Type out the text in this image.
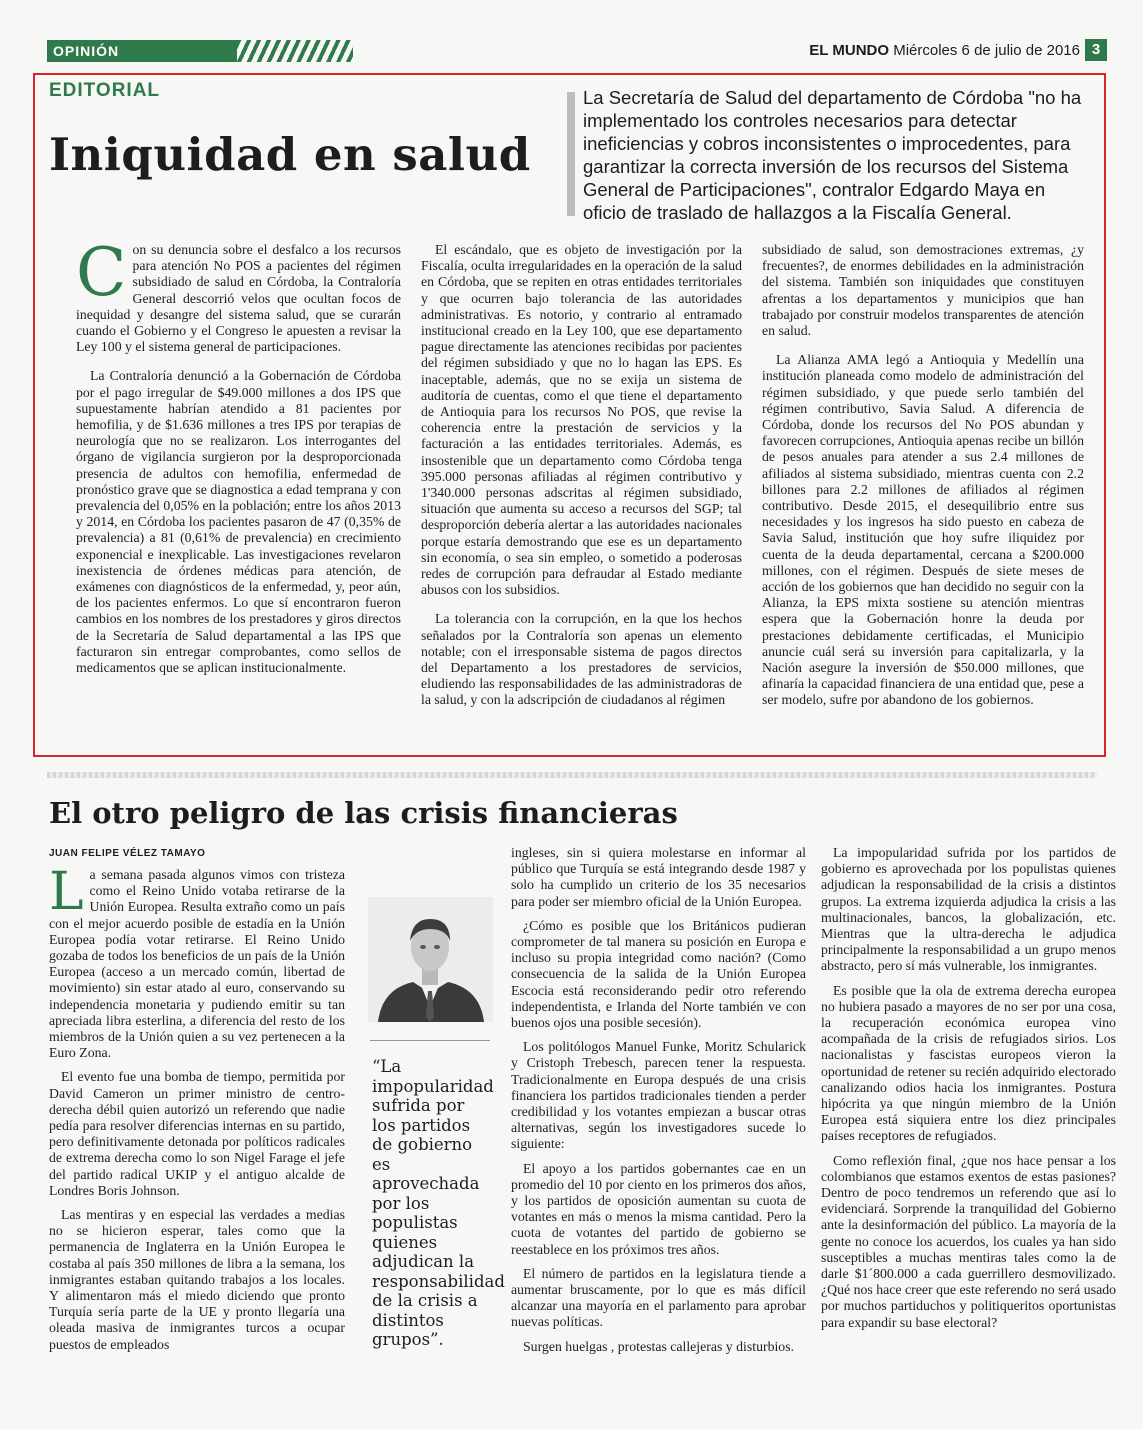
OPINIÓN	EL MUNDO Miércoles 6 de julio de 2016 3
EDITORIAL
Iniquidad en salud
La Secretaría de Salud del departamento de Córdoba "no ha implementado los controles necesarios para detectar ineficiencias y cobros inconsistentes o improcedentes, para garantizar la correcta inversión de los recursos del Sistema General de Participaciones", contralor Edgardo Maya en oficio de traslado de hallazgos a la Fiscalía General.

Con su denuncia sobre el desfalco a los recursos para atención No POS a pacientes del régimen subsidiado de salud en Córdoba, la Contraloría General descorrió velos que ocultan focos de inequidad y desangre del sistema salud, que se curarán cuando el Gobierno y el Congreso le apuesten a revisar la Ley 100 y el sistema general de participaciones.

La Contraloría denunció a la Gobernación de Córdoba por el pago irregular de $49.000 millones a dos IPS que supuestamente habrían atendido a 81 pacientes por hemofilia, y de $1.636 millones a tres IPS por terapias de neurología que no se realizaron. Los interrogantes del órgano de vigilancia surgieron por la desproporcionada presencia de adultos con hemofilia, enfermedad de pronóstico grave que se diagnostica a edad temprana y con prevalencia del 0,05% en la población; entre los años 2013 y 2014, en Córdoba los pacientes pasaron de 47 (0,35% de prevalencia) a 81 (0,61% de prevalencia) en crecimiento exponencial e inexplicable. Las investigaciones revelaron inexistencia de órdenes médicas para atención, de exámenes con diagnósticos de la enfermedad, y, peor aún, de los pacientes enfermos. Lo que sí encontraron fueron cambios en los nombres de los prestadores y giros directos de la Secretaría de Salud departamental a las IPS que facturaron sin entregar comprobantes, como sellos de medicamentos que se aplican institucionalmente.

El escándalo, que es objeto de investigación por la Fiscalía, oculta irregularidades en la operación de la salud en Córdoba, que se repiten en otras entidades territoriales y que ocurren bajo tolerancia de las autoridades administrativas. Es notorio, y contrario al entramado institucional creado en la Ley 100, que ese departamento pague directamente las atenciones recibidas por pacientes del régimen subsidiado y que no lo hagan las EPS. Es inaceptable, además, que no se exija un sistema de auditoría de cuentas, como el que tiene el departamento de Antioquia para los recursos No POS, que revise la coherencia entre la prestación de servicios y la facturación a las entidades territoriales. Además, es insostenible que un departamento como Córdoba tenga 395.000 personas afiliadas al régimen contributivo y 1'340.000 personas adscritas al régimen subsidiado, situación que aumenta su acceso a recursos del SGP; tal desproporción debería alertar a las autoridades nacionales porque estaría demostrando que ese es un departamento sin economía, o sea sin empleo, o sometido a poderosas redes de corrupción para defraudar al Estado mediante abusos con los subsidios.

La tolerancia con la corrupción, en la que los hechos señalados por la Contraloría son apenas un elemento notable; con el irresponsable sistema de pagos directos del Departamento a los prestadores de servicios, eludiendo las responsabilidades de las administradoras de la salud, y con la adscripción de ciudadanos al régimen

subsidiado de salud, son demostraciones extremas, ¿y frecuentes?, de enormes debilidades en la administración del sistema. También son iniquidades que constituyen afrentas a los departamentos y municipios que han trabajado por construir modelos transparentes de atención en salud.

La Alianza AMA legó a Antioquia y Medellín una institución planeada como modelo de administración del régimen subsidiado, y que puede serlo también del régimen contributivo, Savia Salud. A diferencia de Córdoba, donde los recursos del No POS abundan y favorecen corrupciones, Antioquia apenas recibe un billón de pesos anuales para atender a sus 2.4 millones de afiliados al sistema subsidiado, mientras cuenta con 2.2 billones para 2.2 millones de afiliados al régimen contributivo. Desde 2015, el desequilibrio entre sus necesidades y los ingresos ha sido puesto en cabeza de Savia Salud, institución que hoy sufre iliquidez por cuenta de la deuda departamental, cercana a $200.000 millones, con el régimen. Después de siete meses de acción de los gobiernos que han decidido no seguir con la Alianza, la EPS mixta sostiene su atención mientras espera que la Gobernación honre la deuda por prestaciones debidamente certificadas, el Municipio anuncie cuál será su inversión para capitalizarla, y la Nación asegure la inversión de $50.000 millones, que afinaría la capacidad financiera de una entidad que, pese a ser modelo, sufre por abandono de los gobiernos.

El otro peligro de las crisis financieras
JUAN FELIPE VÉLEZ TAMAYO

La semana pasada algunos vimos con tristeza como el Reino Unido votaba retirarse de la Unión Europea. Resulta extraño como un país con el mejor acuerdo posible de estadía en la Unión Europea podía votar retirarse. El Reino Unido gozaba de todos los beneficios de un país de la Unión Europea (acceso a un mercado común, libertad de movimiento) sin estar atado al euro, conservando su independencia monetaria y pudiendo emitir su tan apreciada libra esterlina, a diferencia del resto de los miembros de la Unión quien a su vez pertenecen a la Euro Zona.

El evento fue una bomba de tiempo, permitida por David Cameron un primer ministro de centro-derecha débil quien autorizó un referendo que nadie pedía para resolver diferencias internas en su partido, pero definitivamente detonada por políticos radicales de extrema derecha como lo son Nigel Farage el jefe del partido radical UKIP y el antiguo alcalde de Londres Boris Johnson.

Las mentiras y en especial las verdades a medias no se hicieron esperar, tales como que la permanencia de Inglaterra en la Unión Europea le costaba al país 350 millones de libra a la semana, los inmigrantes estaban quitando trabajos a los locales. Y alimentaron más el miedo diciendo que pronto Turquía sería parte de la UE y pronto llegaría una oleada masiva de inmigrantes turcos a ocupar puestos de empleados

“La impopularidad sufrida por los partidos de gobierno es aprovechada por los populistas quienes adjudican la responsabilidad de la crisis a distintos grupos”.

ingleses, sin si quiera molestarse en informar al público que Turquía se está integrando desde 1987 y solo ha cumplido un criterio de los 35 necesarios para poder ser miembro oficial de la Unión Europea.

¿Cómo es posible que los Británicos pudieran comprometer de tal manera su posición en Europa e incluso su propia integridad como nación? (Como consecuencia de la salida de la Unión Europea Escocia está reconsiderando pedir otro referendo independentista, e Irlanda del Norte también ve con buenos ojos una posible secesión).

Los politólogos Manuel Funke, Moritz Schularick y Cristoph Trebesch, parecen tener la respuesta. Tradicionalmente en Europa después de una crisis financiera los partidos tradicionales tienden a perder credibilidad y los votantes empiezan a buscar otras alternativas, según los investigadores sucede lo siguiente:

El apoyo a los partidos gobernantes cae en un promedio del 10 por ciento en los primeros dos años, y los partidos de oposición aumentan su cuota de votantes en más o menos la misma cantidad. Pero la cuota de votantes del partido de gobierno se reestablece en los próximos tres años.

El número de partidos en la legislatura tiende a aumentar bruscamente, por lo que es más difícil alcanzar una mayoría en el parlamento para aprobar nuevas políticas.

Surgen huelgas , protestas callejeras y disturbios.

La impopularidad sufrida por los partidos de gobierno es aprovechada por los populistas quienes adjudican la responsabilidad de la crisis a distintos grupos. La extrema izquierda adjudica la crisis a las multinacionales, bancos, la globalización, etc. Mientras que la ultra-derecha le adjudica principalmente la responsabilidad a un grupo menos abstracto, pero sí más vulnerable, los inmigrantes.

Es posible que la ola de extrema derecha europea no hubiera pasado a mayores de no ser por una cosa, la recuperación económica europea vino acompañada de la crisis de refugiados sirios. Los nacionalistas y fascistas europeos vieron la oportunidad de retener su recién adquirido electorado canalizando odios hacia los inmigrantes. Postura hipócrita ya que ningún miembro de la Unión Europea está siquiera entre los diez principales países receptores de refugiados.

Como reflexión final, ¿que nos hace pensar a los colombianos que estamos exentos de estas pasiones? Dentro de poco tendremos un referendo que así lo evidenciará. Sorprende la tranquilidad del Gobierno ante la desinformación del público. La mayoría de la gente no conoce los acuerdos, los cuales ya han sido susceptibles a muchas mentiras tales como la de darle $1´800.000 a cada guerrillero desmovilizado. ¿Qué nos hace creer que este referendo no será usado por muchos partiduchos y politiqueritos oportunistas para expandir su base electoral?
